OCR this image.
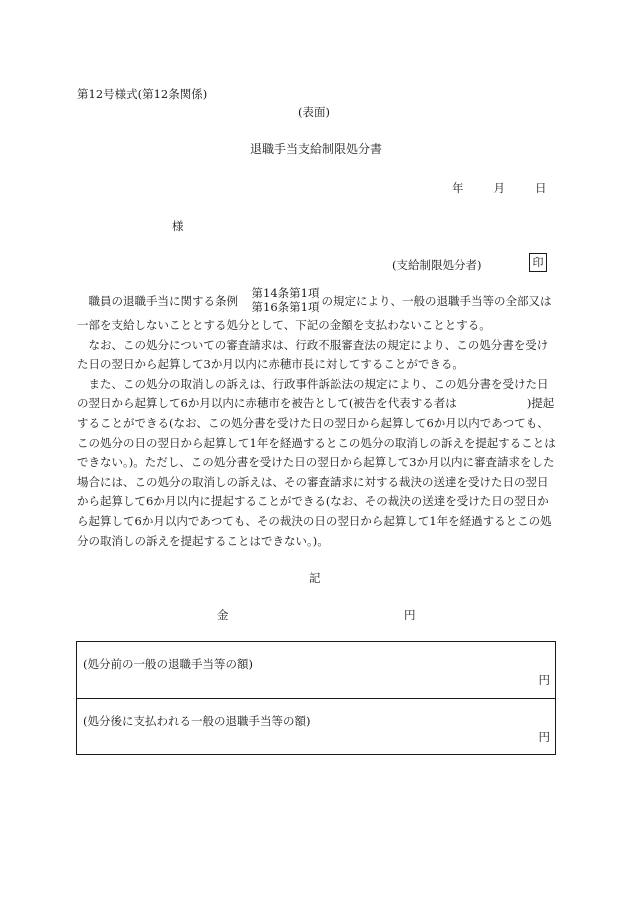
第12号様式(第12条関係)
(表面)
退職手当支給制限処分書
年	月	日
様
(支給制限処分者)	印

職員の退職手当に関する条例
第14条第1項
第16条第1項 の規定により、一般の退職手当等の全部又は一部を支給しないこととする処分として、下記の金額を支払わないこととする。

なお、この処分についての審査請求は、行政不服審査法の規定により、この処分書を受けた日の翌日から起算して3か月以内に赤穂市長に対してすることができる。

また、この処分の取消しの訴えは、行政事件訴訟法の規定により、この処分書を受けた日の翌日から起算して6か月以内に赤穂市を被告として(被告を代表する者は	)提起することができる(なお、この処分書を受けた日の翌日から起算して6か月以内であつても、この処分の日の翌日から起算して1年を経過するとこの処分の取消しの訴えを提起することはできない。)。ただし、この処分書を受けた日の翌日から起算して3か月以内に審査請求をした場合には、この処分の取消しの訴えは、その審査請求に対する裁決の送達を受けた日の翌日から起算して6か月以内に提起することができる(なお、その裁決の送達を受けた日の翌日から起算して6か月以内であつても、その裁決の日の翌日から起算して1年を経過するとこの処分の取消しの訴えを提起することはできない。)。

記
金	円
(処分前の一般の退職手当等の額)
円
(処分後に支払われる一般の退職手当等の額)
円
